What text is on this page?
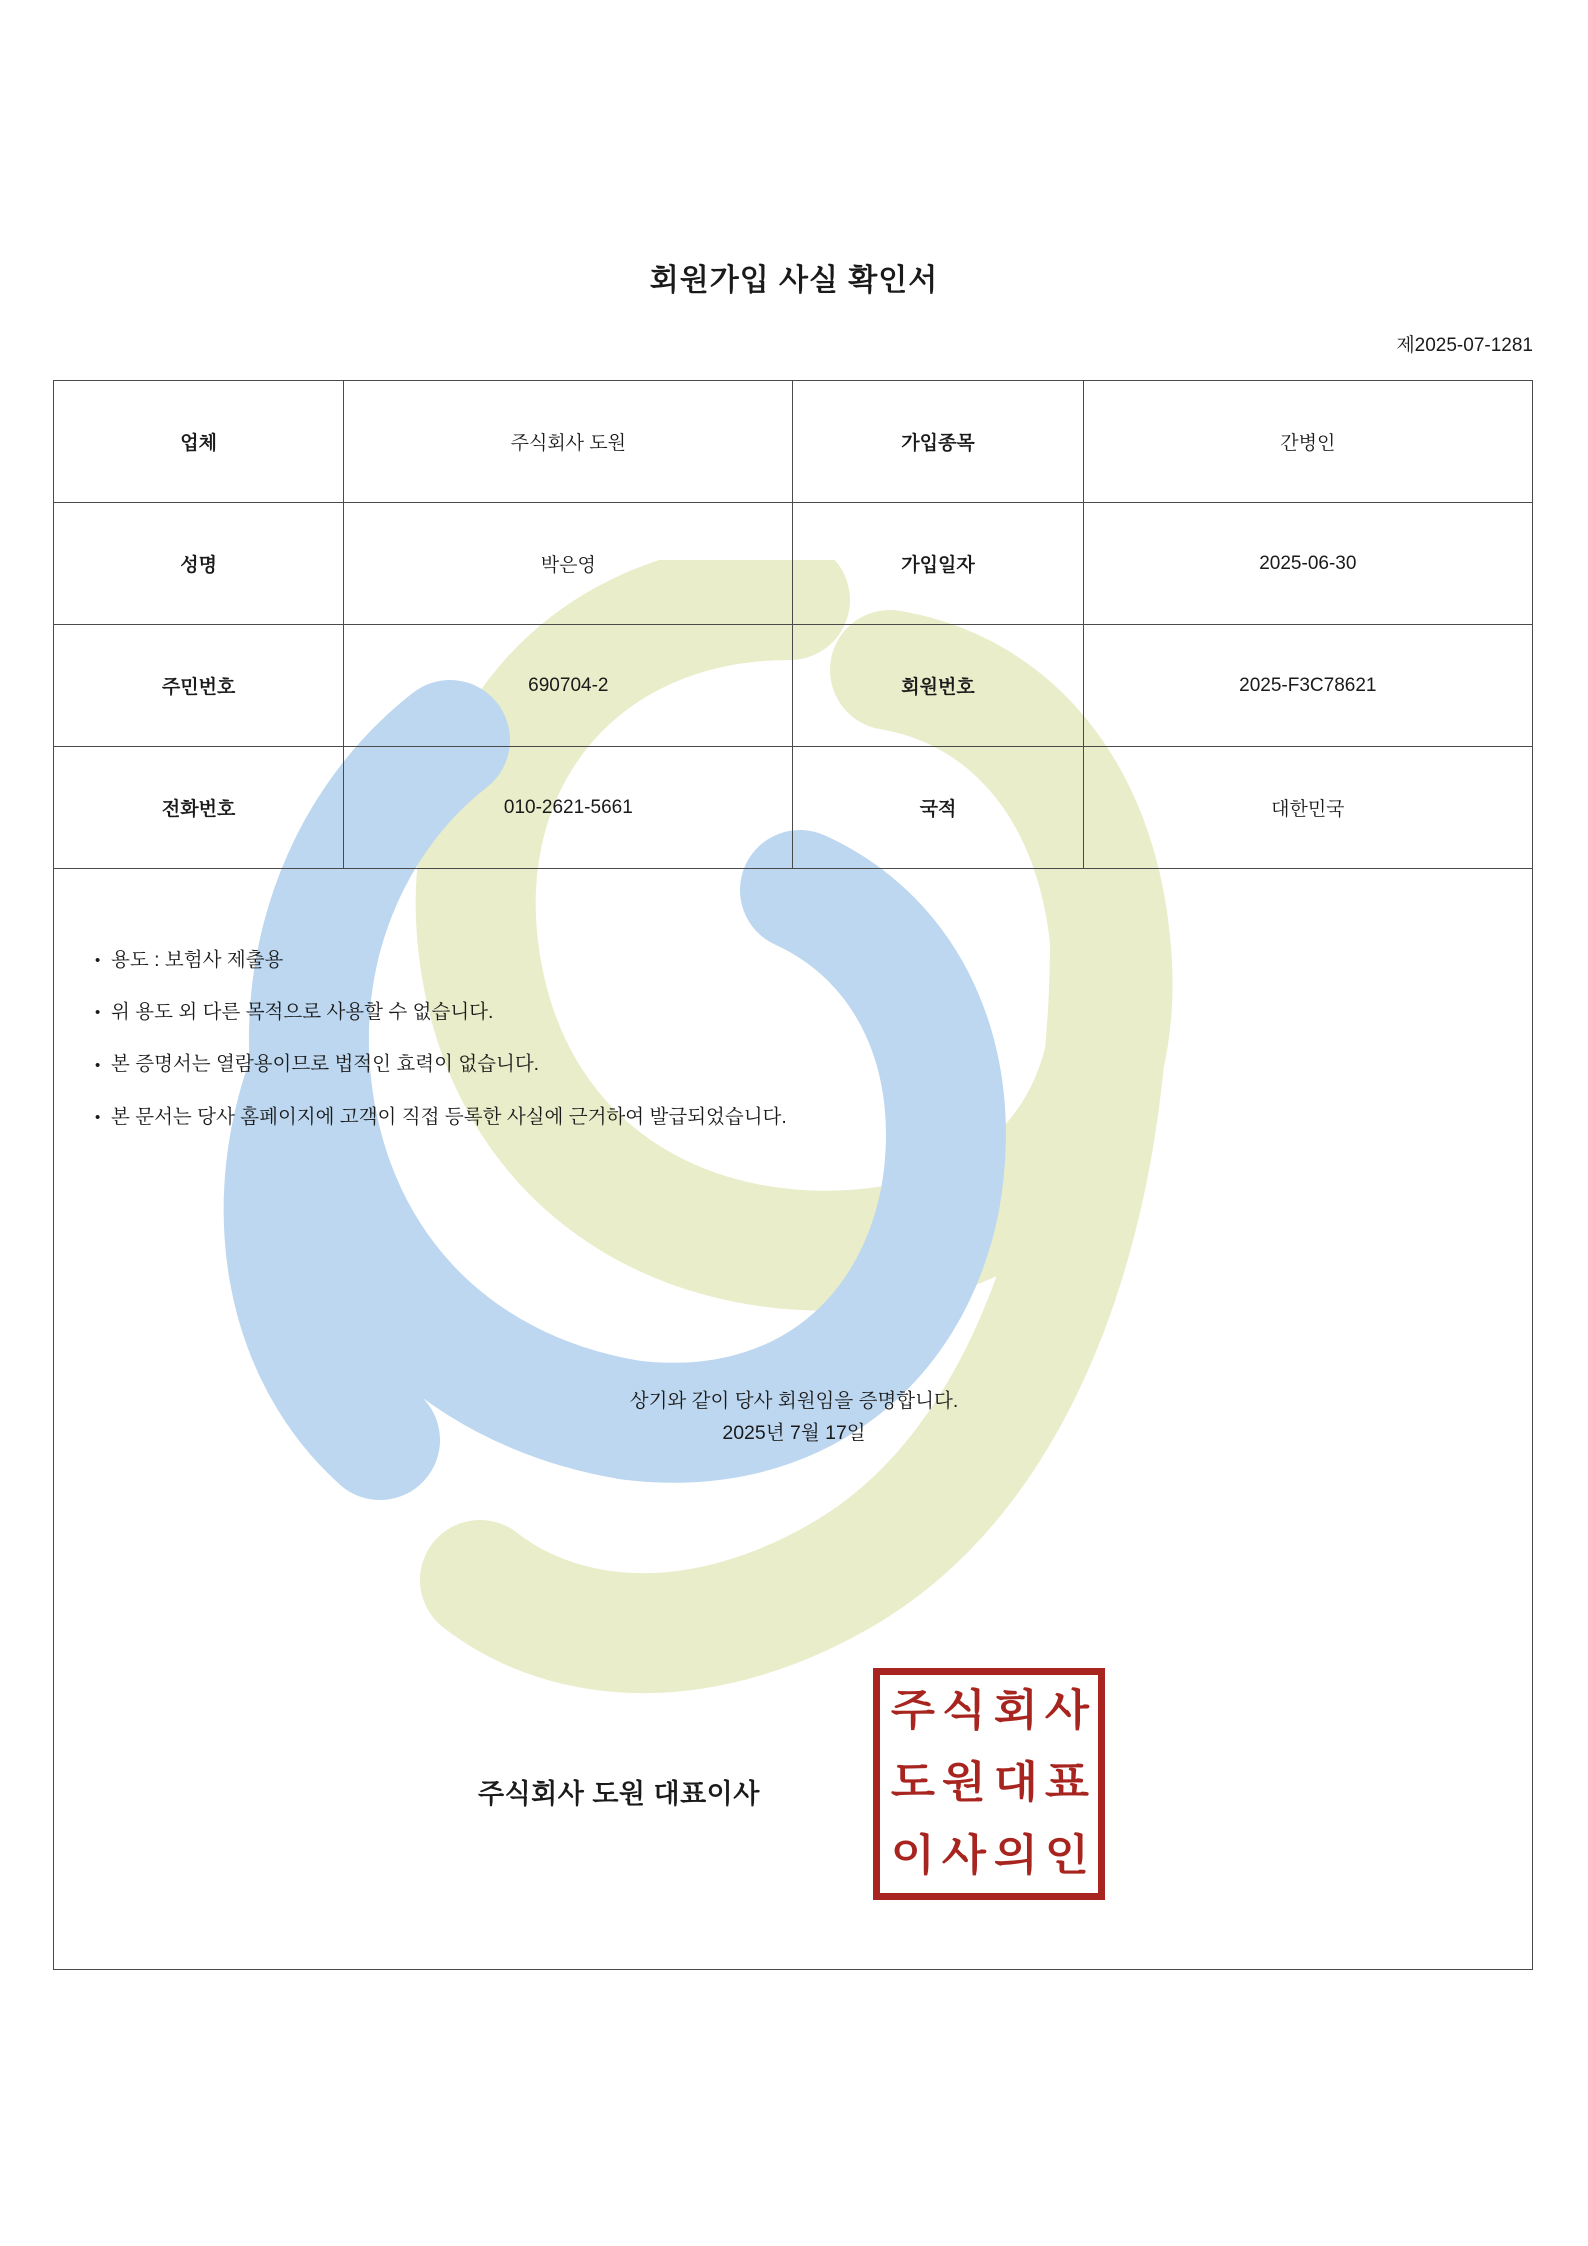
회원가입 사실 확인서
제2025-07-1281
업체	주식회사 도원	가입종목	간병인
성명	박은영	가입일자	2025-06-30
주민번호	690704-2	회원번호	2025-F3C78621
전화번호	010-2621-5661	국적	대한민국
• 용도 : 보험사 제출용
• 위 용도 외 다른 목적으로 사용할 수 없습니다.
• 본 증명서는 열람용이므로 법적인 효력이 없습니다.
• 본 문서는 당사 홈페이지에 고객이 직접 등록한 사실에 근거하여 발급되었습니다.
상기와 같이 당사 회원임을 증명합니다.
2025년 7월 17일
주식회사 도원 대표이사
주 식 회 사
도 원 대 표
이 사 의 인
